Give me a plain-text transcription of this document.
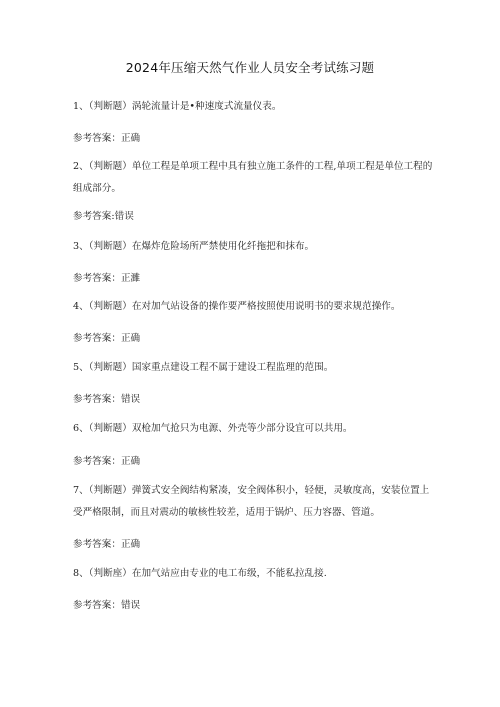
2024年压缩天然气作业人员安全考试练习题
1、（判断题）涡轮流量计是•种速度式流量仪表。
参考答案：正确
2、（判断题）单位工程是单项工程中具有独立施工条件的工程,单项工程是单位工程的组成部分。
参考答案:错误
3、（判断题）在爆炸危险场所严禁使用化纤拖把和抹布。
参考答案：正濉
4、（判断题）在对加气站设备的操作要严格按照使用说明书的要求规范操作。
参考答案：正确
5、（判断题）国家重点建设工程不属于建设工程监理的范围。
参考答案：错误
6、（判断题）双枪加气抢只为电源、外壳等少部分设宜可以共用。
参考答案：正确
7、（判断题）弹簧式安全阀结构紧凑，安全阀体积小，轻便，灵敏度高，安装位置上受严格限制，而且对震动的敏核性较差，适用于锅炉、压力容器、管道。
参考答案：正确
8、（判断座）在加气站应由专业的电工布级，不能私拉乱接.
参考答案：错误
